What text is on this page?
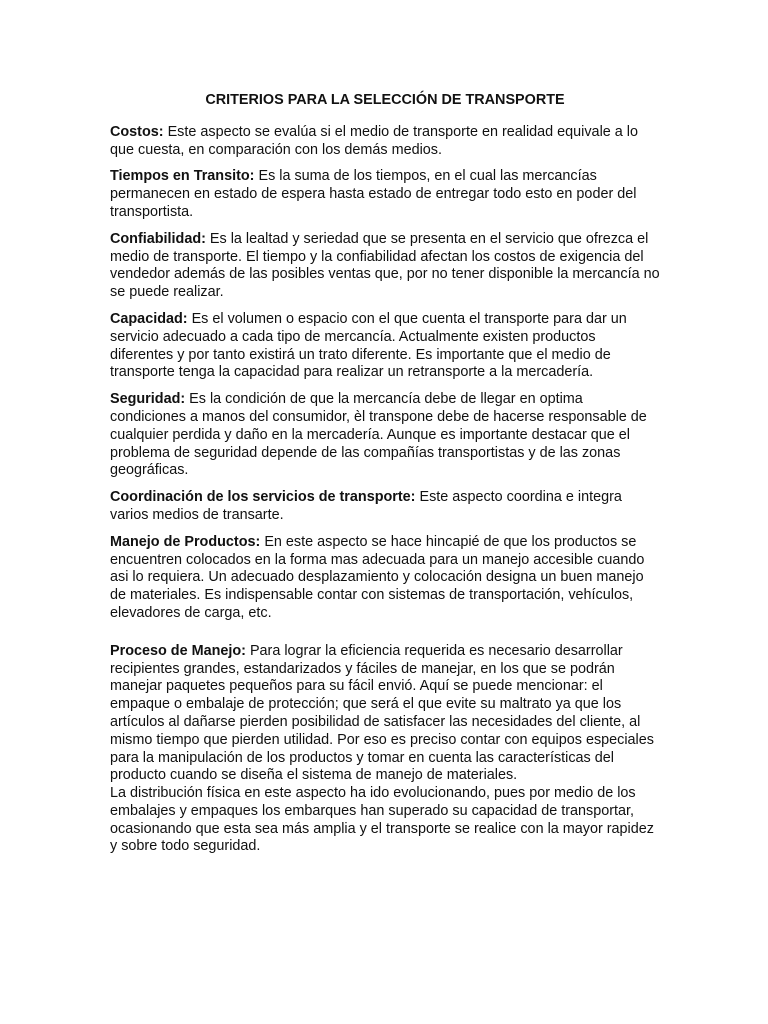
CRITERIOS PARA LA SELECCIÓN DE TRANSPORTE

Costos: Este aspecto se evalúa si el medio de transporte en realidad equivale a lo que cuesta, en comparación con los demás medios.

Tiempos en Transito: Es la suma de los tiempos, en el cual las mercancías permanecen en estado de espera hasta estado de entregar todo esto en poder del transportista.

Confiabilidad: Es la lealtad y seriedad que se presenta en el servicio que ofrezca el medio de transporte. El tiempo y la confiabilidad afectan los costos de exigencia del vendedor además de las posibles ventas que, por no tener disponible la mercancía no se puede realizar.

Capacidad: Es el volumen o espacio con el que cuenta el transporte para dar un servicio adecuado a cada tipo de mercancía. Actualmente existen productos diferentes y por tanto existirá un trato diferente. Es importante que el medio de transporte tenga la capacidad para realizar un retransporte a la mercadería.

Seguridad: Es la condición de que la mercancía debe de llegar en optima condiciones a manos del consumidor, èl transpone debe de hacerse responsable de cualquier perdida y daño en la mercadería. Aunque es importante destacar que el problema de seguridad depende de las compañías transportistas y de las zonas geográficas.

Coordinación de los servicios de transporte: Este aspecto coordina e integra varios medios de transarte.

Manejo de Productos: En este aspecto se hace hincapié de que los productos se encuentren colocados en la forma mas adecuada para un manejo accesible cuando asi lo requiera. Un adecuado desplazamiento y colocación designa un buen manejo de materiales. Es indispensable contar con sistemas de transportación, vehículos, elevadores de carga, etc.

Proceso de Manejo: Para lograr la eficiencia requerida es necesario desarrollar recipientes grandes, estandarizados y fáciles de manejar, en los que se podrán manejar paquetes pequeños para su fácil envió. Aquí se puede mencionar: el empaque o embalaje de protección; que será el que evite su maltrato ya que los artículos al dañarse pierden posibilidad de satisfacer las necesidades del cliente, al mismo tiempo que pierden utilidad. Por eso es preciso contar con equipos especiales para la manipulación de los productos y tomar en cuenta las características del producto cuando se diseña el sistema de manejo de materiales.

La distribución física en este aspecto ha ido evolucionando, pues por medio de los embalajes y empaques los embarques han superado su capacidad de transportar, ocasionando que esta sea más amplia y el transporte se realice con la mayor rapidez y sobre todo seguridad.
